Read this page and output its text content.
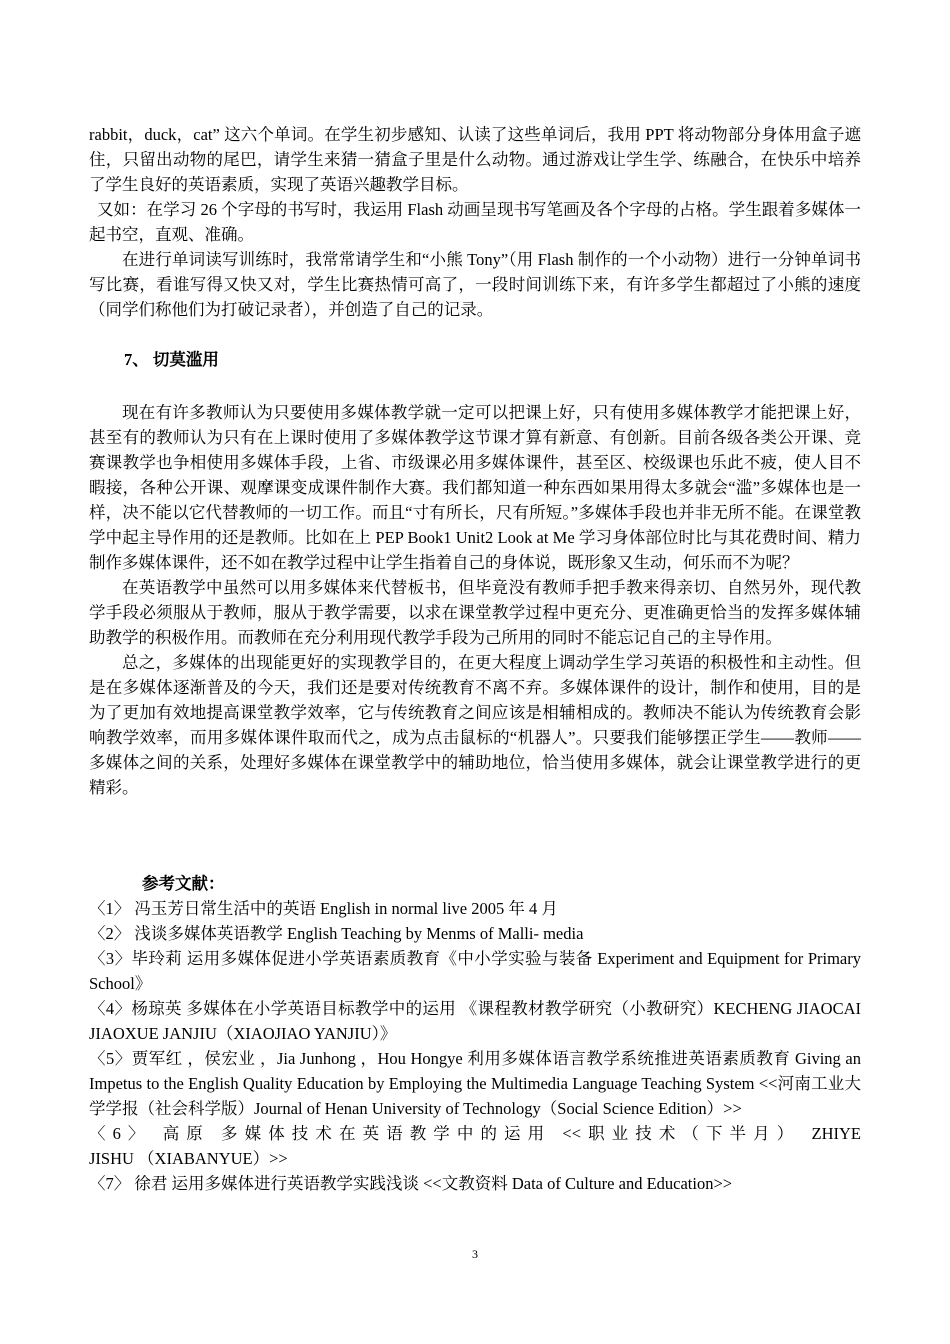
rabbit，duck，cat” 这六个单词。在学生初步感知、认读了这些单词后，我用 PPT 将动物部分身体用盒子遮住，只留出动物的尾巴，请学生来猜一猜盒子里是什么动物。通过游戏让学生学、练融合，在快乐中培养了学生良好的英语素质，实现了英语兴趣教学目标。

又如：在学习 26 个字母的书写时，我运用 Flash 动画呈现书写笔画及各个字母的占格。学生跟着多媒体一起书空，直观、准确。

在进行单词读写训练时，我常常请学生和“小熊 Tony”（用 Flash 制作的一个小动物）进行一分钟单词书写比赛，看谁写得又快又对，学生比赛热情可高了，一段时间训练下来，有许多学生都超过了小熊的速度（同学们称他们为打破记录者），并创造了自己的记录。

7、 切莫滥用

现在有许多教师认为只要使用多媒体教学就一定可以把课上好，只有使用多媒体教学才能把课上好，甚至有的教师认为只有在上课时使用了多媒体教学这节课才算有新意、有创新。目前各级各类公开课、竞赛课教学也争相使用多媒体手段，上省、市级课必用多媒体课件，甚至区、校级课也乐此不疲，使人目不暇接，各种公开课、观摩课变成课件制作大赛。我们都知道一种东西如果用得太多就会“滥”多媒体也是一样，决不能以它代替教师的一切工作。而且“寸有所长，尺有所短。”多媒体手段也并非无所不能。在课堂教学中起主导作用的还是教师。比如在上 PEP Book1 Unit2 Look at Me 学习身体部位时比与其花费时间、精力制作多媒体课件，还不如在教学过程中让学生指着自己的身体说，既形象又生动，何乐而不为呢？

在英语教学中虽然可以用多媒体来代替板书，但毕竟没有教师手把手教来得亲切、自然另外，现代教学手段必须服从于教师，服从于教学需要，以求在课堂教学过程中更充分、更准确更恰当的发挥多媒体辅助教学的积极作用。而教师在充分利用现代教学手段为己所用的同时不能忘记自己的主导作用。

总之，多媒体的出现能更好的实现教学目的，在更大程度上调动学生学习英语的积极性和主动性。但是在多媒体逐渐普及的今天，我们还是要对传统教育不离不弃。多媒体课件的设计，制作和使用，目的是为了更加有效地提高课堂教学效率，它与传统教育之间应该是相辅相成的。教师决不能认为传统教育会影响教学效率，而用多媒体课件取而代之，成为点击鼠标的“机器人”。只要我们能够摆正学生——教师——多媒体之间的关系，处理好多媒体在课堂教学中的辅助地位，恰当使用多媒体，就会让课堂教学进行的更精彩。

参考文献：

〈1〉 冯玉芳日常生活中的英语 English in normal live 2005 年 4 月

〈2〉 浅谈多媒体英语教学 English Teaching by Menms of Malli- media

〈3〉毕玲莉 运用多媒体促进小学英语素质教育《中小学实验与装备 Experiment and Equipment for Primary School》

〈4〉杨琼英 多媒体在小学英语目标教学中的运用 《课程教材教学研究（小教研究）KECHENG JIAOCAI JIAOXUE JANJIU（XIAOJIAO YANJIU）》

〈5〉贾军红 ，侯宏业 ，Jia Junhong ，Hou Hongye 利用多媒体语言教学系统推进英语素质教育 Giving an Impetus to the English Quality Education by Employing the Multimedia Language Teaching System <<河南工业大学学报（社会科学版）Journal of Henan University of Technology（Social Science Edition）>>

〈6〉 高原 多媒体技术在英语教学中的运用 <<职业技术（下半月） ZHIYE

JISHU （XIABANYUE）>>

〈7〉 徐君 运用多媒体进行英语教学实践浅谈 <<文教资料 Data of Culture and Education>>

3
